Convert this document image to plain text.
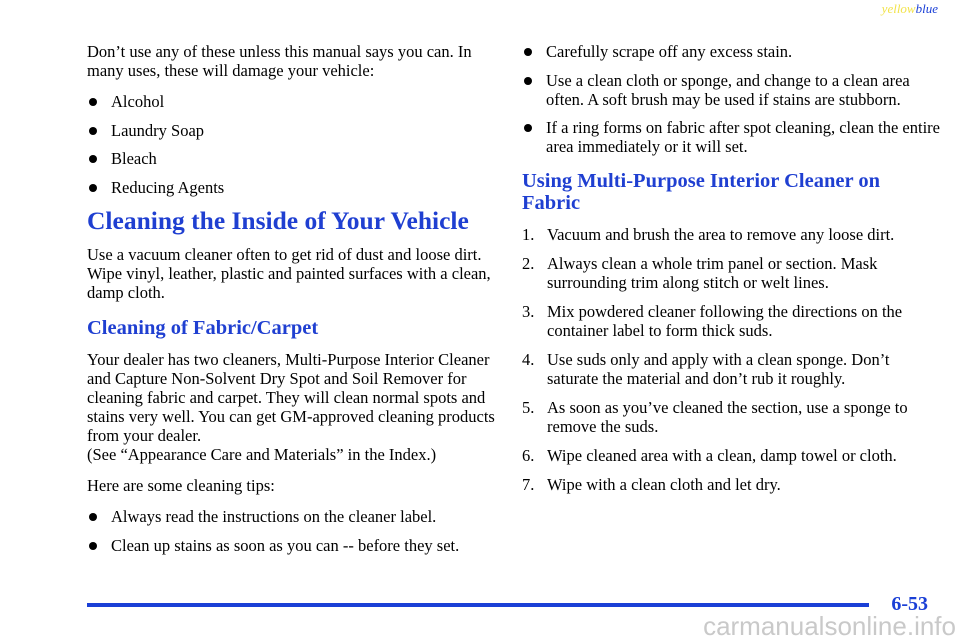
yellowblue

Don’t use any of these unless this manual says you can. In many uses, these will damage your vehicle:

Alcohol
Laundry Soap
Bleach
Reducing Agents
Cleaning the Inside of Your Vehicle

Use a vacuum cleaner often to get rid of dust and loose dirt. Wipe vinyl, leather, plastic and painted surfaces with a clean, damp cloth.

Cleaning of Fabric/Carpet

Your dealer has two cleaners, Multi‑Purpose Interior Cleaner and Capture Non‑Solvent Dry Spot and Soil Remover for cleaning fabric and carpet. They will clean normal spots and stains very well. You can get GM‑approved cleaning products from your dealer.
(See “Appearance Care and Materials” in the Index.)

Here are some cleaning tips:

Always read the instructions on the cleaner label.
Clean up stains as soon as you can -- before they set.
Carefully scrape off any excess stain.
Use a clean cloth or sponge, and change to a clean area often. A soft brush may be used if stains are stubborn.
If a ring forms on fabric after spot cleaning, clean the entire area immediately or it will set.
Using Multi‑Purpose Interior Cleaner on Fabric
1. Vacuum and brush the area to remove any loose dirt.
2. Always clean a whole trim panel or section. Mask surrounding trim along stitch or welt lines.
3. Mix powdered cleaner following the directions on the container label to form thick suds.
4. Use suds only and apply with a clean sponge. Don’t saturate the material and don’t rub it roughly.
5. As soon as you’ve cleaned the section, use a sponge to remove the suds.
6. Wipe cleaned area with a clean, damp towel or cloth.
7. Wipe with a clean cloth and let dry.
6‑53
carmanualsonline.info
